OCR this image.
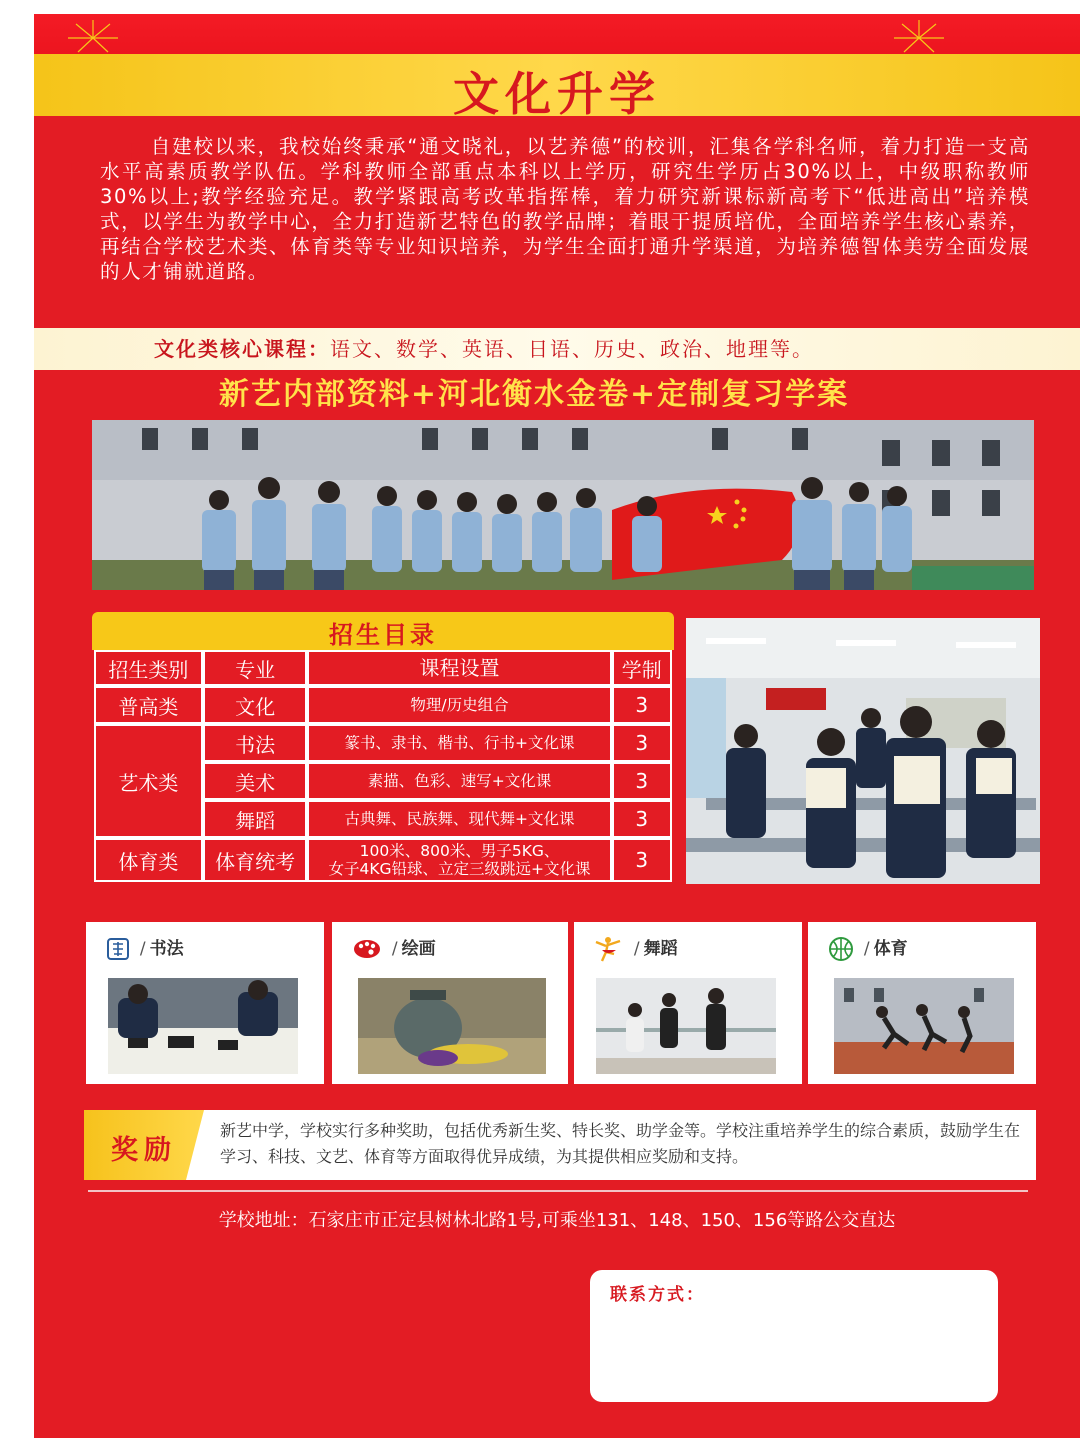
文化升学
自建校以来，我校始终秉承“通文晓礼，以艺养德”的校训，汇集各学科名师，着力打造一支高水平高素质教学队伍。学科教师全部重点本科以上学历，研究生学历占30%以上，中级职称教师30%以上;教学经验充足。教学紧跟高考改革指挥棒，着力研究新课标新高考下“低进高出”培养模式，以学生为教学中心，全力打造新艺特色的教学品牌；着眼于提质培优，全面培养学生核心素养，再结合学校艺术类、体育类等专业知识培养，为学生全面打通升学渠道，为培养德智体美劳全面发展的人才铺就道路。
文化类核心课程：语文、数学、英语、日语、历史、政治、地理等。
新艺内部资料+河北衡水金卷+定制复习学案
招生目录
招生类别	专业	课程设置	学制
普高类	文化	物理/历史组合	3
艺术类	书法	篆书、隶书、楷书、行书+文化课	3
	美术	素描、色彩、速写+文化课	3
	舞蹈	古典舞、民族舞、现代舞+文化课	3
体育类	体育统考	100米、800米、男子5KG、
女子4KG铅球、立定三级跳远+文化课	3
/ 书法	/ 绘画	/ 舞蹈	/ 体育
奖励
新艺中学，学校实行多种奖助，包括优秀新生奖、特长奖、助学金等。学校注重培养学生的综合素质，鼓励学生在学习、科技、文艺、体育等方面取得优异成绩，为其提供相应奖励和支持。
学校地址：石家庄市正定县树林北路1号,可乘坐131、148、150、156等路公交直达
联系方式：
